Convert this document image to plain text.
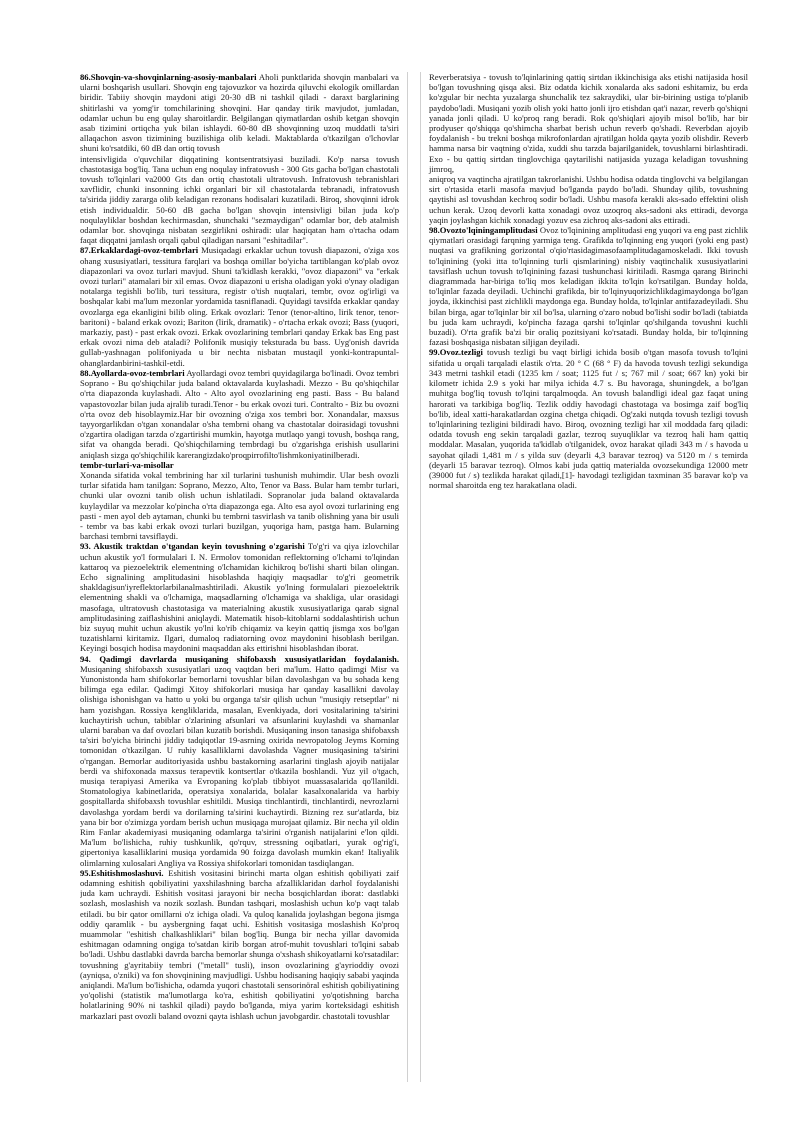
86.Shovqin-va-shovqinlarning-asosiy-manbalari Aholi punktlarida shovqin manbalari va ularni boshqarish usullari. Shovqin eng tajovuzkor va hozirda qiluvchi ekologik omillardan biridir. Tabiiy shovqin maydoni atigi 20-30 dB ni tashkil qiladi - daraxt barglarining shitirlashi va yomg'ir tomchilarining shovqini. Har qanday tirik mavjudot, jumladan, odamlar uchun bu eng qulay sharoitlardir. Belgilangan qiymatlardan oshib ketgan shovqin asab tizimini ortiqcha yuk bilan ishlaydi. 60-80 dB shovqinning uzoq muddatli ta'siri allaqachon asvon tizimining buzilishiga olib keladi. Maktablarda o'tkazilgan o'lchovlar shuni ko'rsatdiki, 60 dB dan ortiq tovush

intensivligida o'quvchilar diqqatining kontsentratsiyasi buziladi. Ko'p narsa tovush chastotasiga bog'liq. Tana uchun eng noqulay infratovush - 300 Gts gacha bo'lgan chastotali tovush to'lqinlari va2000 Gts dan ortiq chastotali ultratovush. Infratovush tebranishlari xavflidir, chunki insonning ichki organlari bir xil chastotalarda tebranadi, infratovush ta'sirida jiddiy zararga olib keladigan rezonans hodisalari kuzatiladi. Biroq, shovqinni idrok etish individualdir. 50-60 dB gacha bo'lgan shovqin intensivligi bilan juda ko'p noqulayliklar boshdan kechirmasdan, shunchaki "sezmaydigan" odamlar bor, deb atalmish odamlar bor. shovqinga nisbatan sezgirlikni oshiradi: ular haqiqatan ham o'rtacha odam faqat diqqatni jamlash orqali qabul qiladigan narsani "eshitadilar".

87.Erkaklardagi-ovoz-tembrlari Musiqadagi erkaklar uchun tovush diapazoni, o'ziga xos ohang xususiyatlari, tessitura farqlari va boshqa omillar bo'yicha tartiblangan ko'plab ovoz diapazonlari va ovoz turlari mavjud. Shuni ta'kidlash kerakki, "ovoz diapazoni" va "erkak ovozi turlari" atamalari bir xil emas. Ovoz diapazoni u erisha oladigan yoki o'ynay oladigan notalarga tegishli bo'lib, turi tessitura, registr o'tish nuqtalari, tembr, ovoz og'irligi va boshqalar kabi ma'lum mezonlar yordamida tasniflanadi. Quyidagi tavsifda erkaklar qanday ovozlarga ega ekanligini bilib oling. Erkak ovozlari: Tenor (tenor-altino, lirik tenor, tenor-baritoni) - baland erkak ovozi; Bariton (lirik, dramatik) - o'rtacha erkak ovozi; Bass (yuqori, markaziy, past) - past erkak ovozi. Erkak ovozlarining tembrlari qanday Erkak bas Eng past erkak ovozi nima deb ataladi? Polifonik musiqiy teksturada bu bass. Uyg'onish davrida gullab-yashnagan polifoniyada u bir nechta nisbatan mustaqil yonki-kontrapuntal-ohanglardanbirini-tashkil-etdi.

88.Ayollarda-ovoz-tembrlari Ayollardagi ovoz tembri quyidagilarga bo'linadi. Ovoz tembri Soprano - Bu qo'shiqchilar juda baland oktavalarda kuylashadi. Mezzo - Bu qo'shiqchilar o'rta diapazonda kuylashadi. Alto - Alto ayol ovozlarining eng pasti. Bass - Bu baland vapastovozlar bilan juda ajralib turadi.Tenor - bu erkak ovozi turi. Contralto - Biz bu ovozni o'rta ovoz deb hisoblaymiz.Har bir ovozning o'ziga xos tembri bor. Xonandalar, maxsus tayyorgarlikdan o'tgan xonandalar o'sha tembrni ohang va chastotalar doirasidagi tovushni o'zgartira oladigan tarzda o'zgartirishi mumkin, hayotga mutlaqo yangi tovush, boshqa rang, sifat va ohangda beradi. Qo'shiqchilarning tembrdagi bu o'zgarishga erishish usullarini aniqlash sizga qo'shiqchilik karerangizdako'proqpirrofilto'lishmkoniyatinilberadi.

tembr-turlari-va-misollar

Xonanda sifatida vokal tembrining har xil turlarini tushunish muhimdir. Ular besh ovozli turlar sifatida ham tanilgan: Soprano, Mezzo, Alto, Tenor va Bass. Bular ham tembr turlari, chunki ular ovozni tanib olish uchun ishlatiladi. Sopranolar juda baland oktavalarda kuylaydilar va mezzolar ko'pincha o'rta diapazonga ega. Alto esa ayol ovozi turlarining eng pasti - men ayol deb aytaman, chunki bu tembrni tasvirlash va tanib olishning yana bir usuli - tembr va bas kabi erkak ovozi turlari buzilgan, yuqoriga ham, pastga ham. Bularning barchasi tembrni tavsiflaydi.

93. Akustik traktdan o'tgandan keyin tovushning o'zgarishi To'g'ri va qiya izlovchilar uchun akustik yo'l formulalari I. N. Ermolov tomonidan reflektorning o'lchami to'lqindan kattaroq va piezoelektrik elementning o'lchamidan kichikroq bo'lishi sharti bilan olingan. Echo signalining amplitudasini hisoblashda haqiqiy maqsadlar to'g'ri geometrik shakldagisun'iyreflektorlarbilanalmashtiriladi. Akustik yo'lning formulalari piezoelektrik elementning shakli va o'lchamiga, maqsadlarning o'lchamiga va shakliga, ular orasidagi masofaga, ultratovush chastotasiga va materialning akustik xususiyatlariga qarab signal amplitudasining zaiflashishini aniqlaydi. Matematik hisob-kitoblarni soddalashtirish uchun biz suyuq muhit uchun akustik yo'lni ko'rib chiqamiz va keyin qattiq jismga xos bo'lgan tuzatishlarni kiritamiz. Ilgari, dumaloq radiatorning ovoz maydonini hisoblash berilgan. Keyingi bosqich hodisa maydonini maqsaddan aks ettirishni hisoblashdan iborat.

94. Qadimgi davrlarda musiqaning shifobaxsh xususiyatlaridan foydalanish. Musiqaning shifobaxsh xususiyatlari uzoq vaqtdan beri ma'lum. Hatto qadimgi Misr va Yunonistonda ham shifokorlar bemorlarni tovushlar bilan davolashgan va bu sohada keng bilimga ega edilar. Qadimgi Xitoy shifokorlari musiqa har qanday kasallikni davolay olishiga ishonishgan va hatto u yoki bu organga ta'sir qilish uchun "musiqiy retseptlar" ni ham yozishgan. Rossiya kengliklarida, masalan, Evenkiyada, dori vositalarining ta'sirini kuchaytirish uchun, tabiblar o'zlarining afsunlari va afsunlarini kuylashdi va shamanlar ularni baraban va daf ovozlari bilan kuzatib borishdi. Musiqaning inson tanasiga shifobaxsh ta'siri bo'yicha birinchi jiddiy tadqiqotlar 19-asrning oxirida nevropatolog Jeyms Korning tomonidan o'tkazilgan. U ruhiy kasalliklarni davolashda Vagner musiqasining ta'sirini o'rgangan. Bemorlar auditoriyasida ushbu bastakorning asarlarini tinglash ajoyib natijalar berdi va shifoxonada maxsus terapevtik kontsertlar o'tkazila boshlandi. Yuz yil o'tgach, musiqa terapiyasi Amerika va Evropaning ko'plab tibbiyot muassasalarida qo'llanildi. Stomatologiya kabinetlarida, operatsiya xonalarida, bolalar kasalxonalarida va harbiy gospitallarda shifobaxsh tovushlar eshitildi. Musiqa tinchlantirdi, tinchlantirdi, nevrozlarni davolashga yordam berdi va dorilarning ta'sirini kuchaytirdi. Bizning rez sur'atlarda, biz yana bir bor o'zimizga yordam berish uchun musiqaga murojaat qilamiz. Bir necha yil oldin Rim Fanlar akademiyasi musiqaning odamlarga ta'sirini o'rganish natijalarini e'lon qildi. Ma'lum bo'lishicha, ruhiy tushkunlik, qo'rquv, stressning oqibatlari, yurak og'rig'i, gipertoniya kasalliklarini musiqa yordamida 90 foizga davolash mumkin ekan! Italiyalik olimlarning xulosalari Angliya va Rossiya shifokorlari tomonidan tasdiqlangan.

95.Eshitishmoslashuvi. Eshitish vositasini birinchi marta olgan eshitish qobiliyati zaif odamning eshitish qobiliyatini yaxshilashning barcha afzalliklaridan darhol foydalanishi juda kam uchraydi. Eshitish vositasi jarayoni bir necha bosqichlardan iborat: dastlabki sozlash, moslashish va nozik sozlash. Bundan tashqari, moslashish uchun ko'p vaqt talab etiladi. bu bir qator omillarni o'z ichiga oladi. Va quloq kanalida joylashgan begona jismga oddiy qaramlik - bu aysbergning faqat uchi. Eshitish vositasiga moslashish Ko'proq muammolar "eshitish chalkashliklari" bilan bog'liq. Bunga bir necha yillar davomida eshitmagan odamning ongiga to'satdan kirib borgan atrof-muhit tovushlari to'lqini sabab bo'ladi. Ushbu dastlabki davrda barcha bemorlar shunga o'xshash shikoyatlarni ko'rsatadilar: tovushning g'ayritabiiy tembri ("metall" tusli), inson ovozlarining g'ayrioddiy ovozi (ayniqsa, o'zniki) va fon shovqinining mavjudligi. Ushbu hodisaning haqiqiy sababi yaqinda aniqlandi. Ma'lum bo'lishicha, odamda yuqori chastotali sensorinöral eshitish qobiliyatining yo'qolishi (statistik ma'lumotlarga ko'ra, eshitish qobiliyatini yo'qotishning barcha holatlarining 90% ni tashkil qiladi) paydo bo'lganda, miya yarim korteksidagi eshitish markazlari past ovozli baland ovozni qayta ishlash uchun javobgardir. chastotali tovushlar

Reverberatsiya - tovush to'lqinlarining qattiq sirtdan ikkinchisiga aks etishi natijasida hosil bo'lgan tovushning qisqa aksi. Biz odatda kichik xonalarda aks sadoni eshitamiz, bu erda ko'zgular bir nechta yuzalarga shunchalik tez sakraydiki, ular bir-birining ustiga to'planib paydobo'ladi. Musiqani yozib olish yoki hatto jonli ijro etishdan qat'i nazar, reverb qo'shiqni yanada jonli qiladi. U ko'proq rang beradi. Rok qo'shiqlari ajoyib misol bo'lib, har bir prodyuser qo'shiqqa qo'shimcha sharbat berish uchun reverb qo'shadi. Reverbdan ajoyib foydalanish - bu trekni boshqa mikrofonlardan ajratilgan holda qayta yozib olishdir. Reverb hamma narsa bir vaqtning o'zida, xuddi shu tarzda bajarilganidek, tovushlarni birlashtiradi. Exo - bu qattiq sirtdan tinglovchiga qaytarilishi natijasida yuzaga keladigan tovushning jimroq,

aniqroq va vaqtincha ajratilgan takrorlanishi. Ushbu hodisa odatda tinglovchi va belgilangan sirt o'rtasida etarli masofa mavjud bo'lganda paydo bo'ladi. Shunday qilib, tovushning qaytishi asl tovushdan kechroq sodir bo'ladi. Ushbu masofa kerakli aks-sado effektini olish uchun kerak. Uzoq devorli katta xonadagi ovoz uzoqroq aks-sadoni aks ettiradi, devorga yaqin joylashgan kichik xonadagi yozuv esa zichroq aks-sadoni aks ettiradi.

98.Ovozto'lqiningamplitudasi Ovoz to'lqinining amplitudasi eng yuqori va eng past zichlik qiymatlari orasidagi farqning yarmiga teng. Grafikda to'lqinning eng yuqori (yoki eng past) nuqtasi va grafikning gorizontal o'qio'rtasidagimasofaamplitudagamoskeladi. Ikki tovush to'lqinining (yoki itta to'lqinning turli qismlarining) nisbiy vaqtinchalik xususiyatlarini tavsiflash uchun tovush to'lqinining fazasi tushunchasi kiritiladi. Rasmga qarang Birinchi diagrammada har-biriga to'liq mos keladigan ikkita to'lqin ko'rsatilgan. Bunday holda, to'lqinlar fazada deyiladi. Uchinchi grafikda, bir to'lqinyuqorizichlikdagimaydonga bo'lgan joyda, ikkinchisi past zichlikli maydonga ega. Bunday holda, to'lqinlar antifazadeyiladi. Shu bilan birga, agar to'lqinlar bir xil bo'lsa, ularning o'zaro nobud bo'lishi sodir bo'ladi (tabiatda bu juda kam uchraydi, ko'pincha fazaga qarshi to'lqinlar qo'shilganda tovushni kuchli buzadi). O'rta grafik ba'zi bir oraliq pozitsiyani ko'rsatadi. Bunday holda, bir to'lqinning fazasi boshqasiga nisbatan siljigan deyiladi.

99.Ovoz.tezligi tovush tezligi bu vaqt birligi ichida bosib o'tgan masofa tovush to'lqini sifatida u orqali tarqaladi elastik o'rta. 20 ° C (68 ° F) da havoda tovush tezligi sekundiga 343 metrni tashkil etadi (1235 km / soat; 1125 fut / s; 767 mil / soat; 667 kn) yoki bir kilometr ichida 2.9 s yoki har milya ichida 4.7 s. Bu havoraga, shuningdek, a bo'lgan muhitga bog'liq tovush to'lqini tarqalmoqda. An tovush balandligi ideal gaz faqat uning harorati va tarkibiga bog'liq. Tezlik oddiy havodagi chastotaga va bosimga zaif bog'liq bo'lib, ideal xatti-harakatlardan ozgina chetga chiqadi. Og'zaki nutqda tovush tezligi tovush to'lqinlarining tezligini bildiradi havo. Biroq, ovozning tezligi har xil moddada farq qiladi: odatda tovush eng sekin tarqaladi gazlar, tezroq suyuqliklar va tezroq hali ham qattiq moddalar. Masalan, yuqorida ta'kidlab o'tilganidek, ovoz harakat qiladi 343 m / s havoda u sayohat qiladi 1,481 m / s yilda suv (deyarli 4,3 baravar tezroq) va 5120 m / s temirda (deyarli 15 baravar tezroq). Olmos kabi juda qattiq materialda ovozsekundiga 12000 metr (39000 fut / s) tezlikda harakat qiladi,[1]- havodagi tezligidan taxminan 35 baravar ko'p va normal sharoitda eng tez harakatlana oladi.
